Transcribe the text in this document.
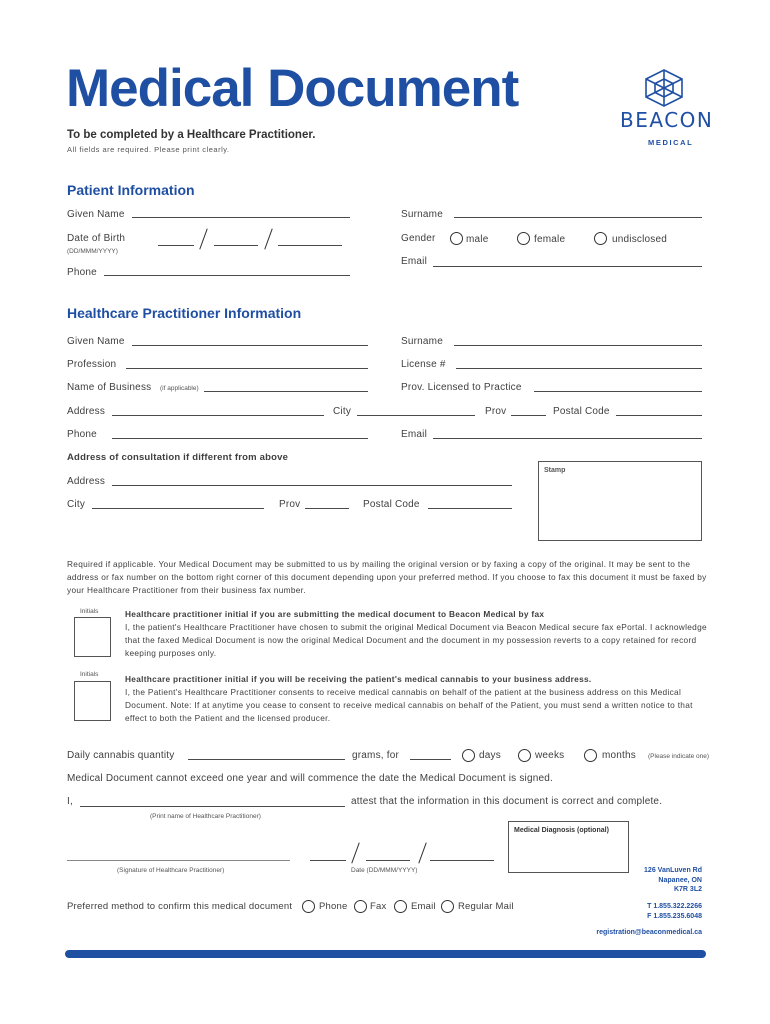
Medical Document
To be completed by a Healthcare Practitioner.
All fields are required. Please print clearly.
BEACON
MEDICAL
Patient Information
Given Name	Surname
Date of Birth
(DD/MMM/YYYY)
Gender	male	female	undisclosed
Email
Phone
Healthcare Practitioner Information
Given Name	Surname
Profession	License #
Name of Business (if applicable)	Prov. Licensed to Practice
Address	City	Prov	Postal Code
Phone	Email
Address of consultation if different from above
Stamp
Address
City	Prov	Postal Code
Required if applicable. Your Medical Document may be submitted to us by mailing the original version or by faxing a copy of the original. It may be sent to the address or fax number on the bottom right corner of this document depending upon your preferred method. If you choose to fax this document it must be faxed by your Healthcare Practitioner from their business fax number.
Initials	Healthcare practitioner initial if you are submitting the medical document to Beacon Medical by fax
I, the patient's Healthcare Practitioner have chosen to submit the original Medical Document via Beacon Medical secure fax ePortal. I acknowledge that the faxed Medical Document is now the original Medical Document and the document in my possession reverts to a copy retained for record keeping purposes only.
Initials	Healthcare practitioner initial if you will be receiving the patient's medical cannabis to your business address.
I, the Patient's Healthcare Practitioner consents to receive medical cannabis on behalf of the patient at the business address on this Medical Document. Note: If at anytime you cease to consent to receive medical cannabis on behalf of the Patient, you must send a written notice to that effect to both the Patient and the licensed producer.
Daily cannabis quantity	grams, for	days	weeks	months (Please indicate one)
Medical Document cannot exceed one year and will commence the date the Medical Document is signed.
I,	attest that the information in this document is correct and complete.
(Print name of Healthcare Practitioner)
Medical Diagnosis (optional)
(Signature of Healthcare Practitioner)	Date (DD/MMM/YYYY)	126 VanLuven Rd
Napanee, ON
K7R 3L2
T 1.855.322.2266
F 1.855.235.6048
registration@beaconmedical.ca
Preferred method to confirm this medical document	Phone Fax	Email Regular Mail
